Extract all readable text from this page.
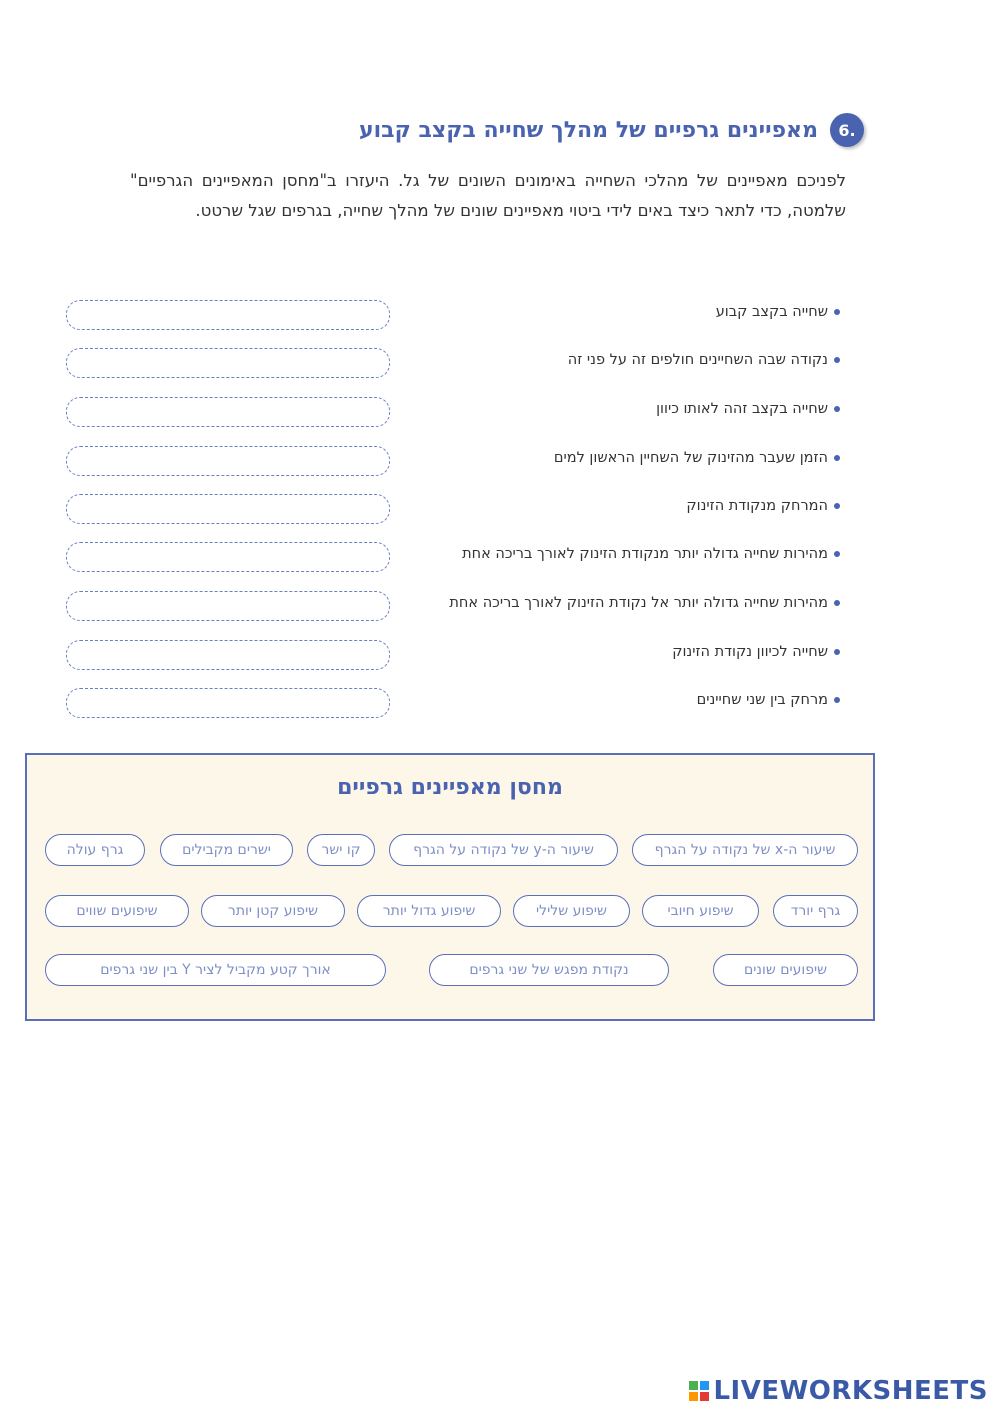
6.
מאפיינים גרפיים של מהלך שחייה בקצב קבוע
לפניכם מאפיינים של מהלכי השחייה באימונים השונים של גל. היעזרו ב"מחסן המאפיינים הגרפיים" שלמטה, כדי לתאר כיצד באים לידי ביטוי מאפיינים שונים של מהלך שחייה, בגרפים שגל שרטט.
שחייה בקצב קבוע
נקודה שבה השחיינים חולפים זה על פני זה
שחייה בקצב זהה לאותו כיוון
הזמן שעבר מהזינוק של השחיין הראשון למים
המרחק מנקודת הזינוק
מהירות שחייה גדולה יותר מנקודת הזינוק לאורך בריכה אחת
מהירות שחייה גדולה יותר אל נקודת הזינוק לאורך בריכה אחת
שחייה לכיוון נקודת הזינוק
מרחק בין שני שחיינים
מחסן מאפיינים גרפיים
שיעור ה-x של נקודה על הגרף
שיעור ה-y של נקודה על הגרף
קו ישר
ישרים מקבילים
גרף עולה
גרף יורד
שיפוע חיובי
שיפוע שלילי
שיפוע גדול יותר
שיפוע קטן יותר
שיפועים שווים
שיפועים שונים
נקודת מפגש של שני גרפים
אורך קטע מקביל לציר Y בין שני גרפים
LIVEWORKSHEETS
